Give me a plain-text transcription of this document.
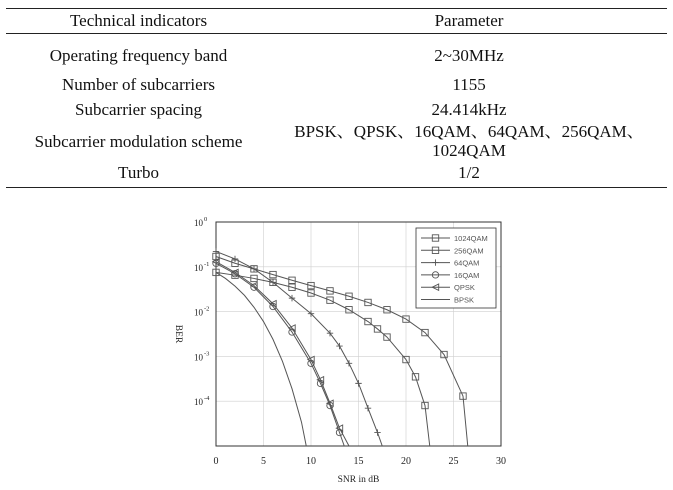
Technical indicators	Parameter
Operating frequency band	2~30MHz
Number of subcarriers	1155
Subcarrier spacing	24.414kHz
Subcarrier modulation scheme	BPSK、QPSK、16QAM、64QAM、256QAM、1024QAM
Turbo	1/2
0	5	10	15	20	25	30
10 0
10 -1
10 -2
10 -3
10 -4
SNR in dB
BER
1024QAM
256QAM
64QAM
16QAM
QPSK
BPSK
